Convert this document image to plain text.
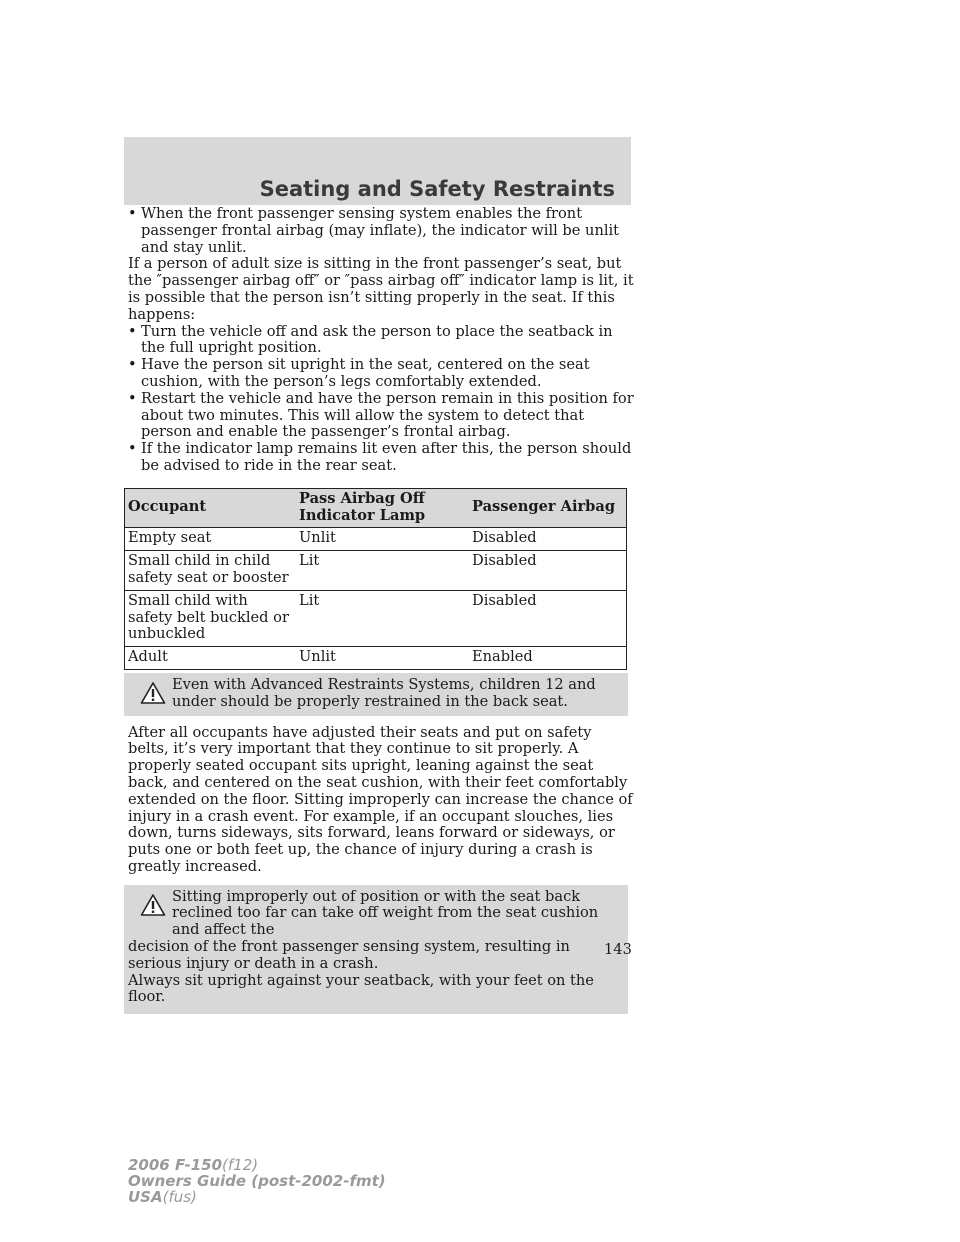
Seating and Safety Restraints
• When the front passenger sensing system enables the front passenger frontal airbag (may inflate), the indicator will be unlit and stay unlit.

If a person of adult size is sitting in the front passenger’s seat, but the ″passenger airbag off″ or ″pass airbag off″ indicator lamp is lit, it is possible that the person isn’t sitting properly in the seat. If this happens:

• Turn the vehicle off and ask the person to place the seatback in the full upright position.
• Have the person sit upright in the seat, centered on the seat cushion, with the person’s legs comfortably extended.
• Restart the vehicle and have the person remain in this position for about two minutes. This will allow the system to detect that person and enable the passenger’s frontal airbag.
• If the indicator lamp remains lit even after this, the person should be advised to ride in the rear seat.
Occupant	Pass Airbag Off Indicator Lamp	Passenger Airbag
Empty seat	Unlit	Disabled
Small child in child safety seat or booster	Lit	Disabled
Small child with safety belt buckled or unbuckled	Lit	Disabled
Adult	Unlit	Enabled
Even with Advanced Restraints Systems, children 12 and under should be properly restrained in the back seat.

After all occupants have adjusted their seats and put on safety belts, it’s very important that they continue to sit properly. A properly seated occupant sits upright, leaning against the seat back, and centered on the seat cushion, with their feet comfortably extended on the floor. Sitting improperly can increase the chance of injury in a crash event. For example, if an occupant slouches, lies down, turns sideways, sits forward, leans forward or sideways, or puts one or both feet up, the chance of injury during a crash is greatly increased.

Sitting improperly out of position or with the seat back reclined too far can take off weight from the seat cushion and affect the
decision of the front passenger sensing system, resulting in serious injury or death in a crash.
Always sit upright against your seatback, with your feet on the floor.
143
2006 F-150(f12)
Owners Guide (post-2002-fmt)
USA(fus)
